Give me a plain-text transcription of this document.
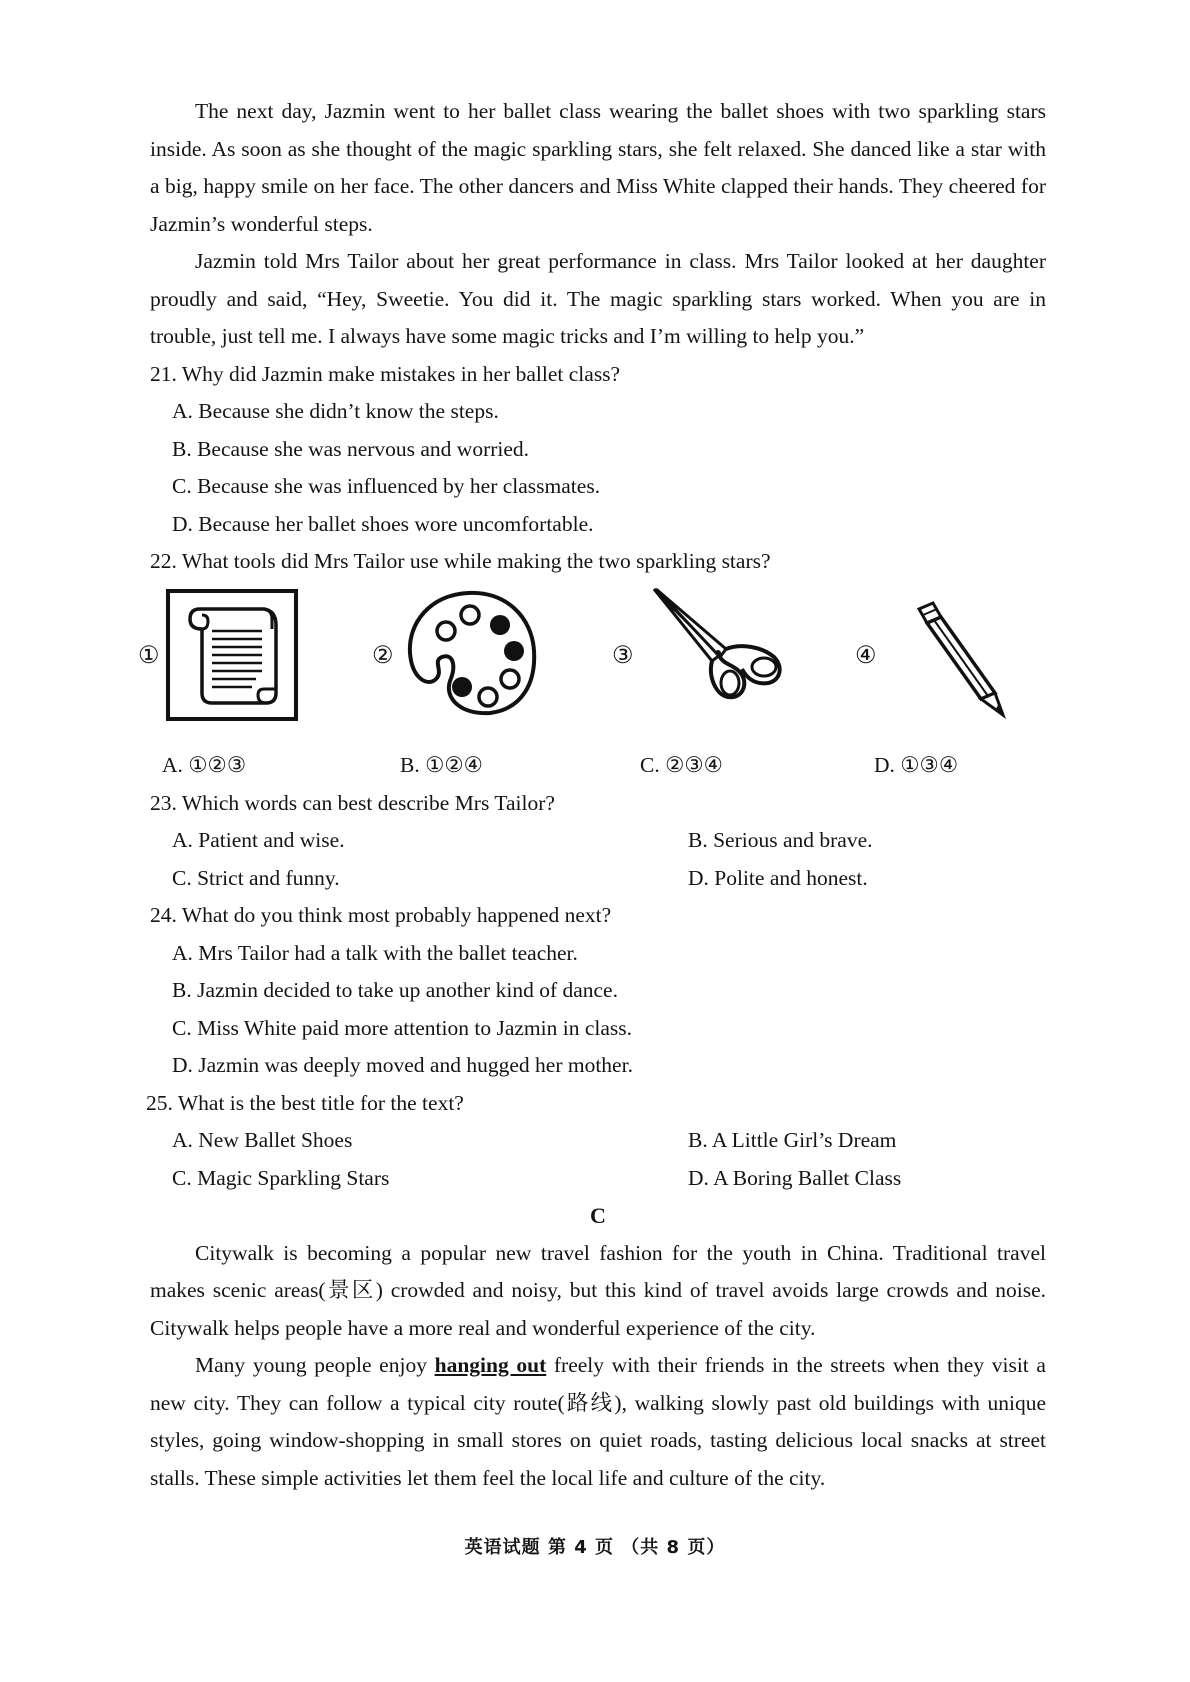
The next day, Jazmin went to her ballet class wearing the ballet shoes with two sparkling stars inside. As soon as she thought of the magic sparkling stars, she felt relaxed. She danced like a star with a big, happy smile on her face. The other dancers and Miss White clapped their hands. They cheered for Jazmin’s wonderful steps.

Jazmin told Mrs Tailor about her great performance in class. Mrs Tailor looked at her daughter proudly and said, “Hey, Sweetie. You did it. The magic sparkling stars worked. When you are in trouble, just tell me. I always have some magic tricks and I’m willing to help you.”

21. Why did Jazmin make mistakes in her ballet class?

A. Because she didn’t know the steps.

B. Because she was nervous and worried.

C. Because she was influenced by her classmates.

D. Because her ballet shoes wore uncomfortable.

22. What tools did Mrs Tailor use while making the two sparkling stars?

①	②	③	④
A. ①②③	B. ①②④	C. ②③④	D. ①③④

23. Which words can best describe Mrs Tailor?

A. Patient and wise.	B. Serious and brave.
C. Strict and funny.	D. Polite and honest.

24. What do you think most probably happened next?

A. Mrs Tailor had a talk with the ballet teacher.

B. Jazmin decided to take up another kind of dance.

C. Miss White paid more attention to Jazmin in class.

D. Jazmin was deeply moved and hugged her mother.

25. What is the best title for the text?

A. New Ballet Shoes	B. A Little Girl’s Dream
C. Magic Sparkling Stars	D. A Boring Ballet Class

C

Citywalk is becoming a popular new travel fashion for the youth in China. Traditional travel makes scenic areas(景区) crowded and noisy, but this kind of travel avoids large crowds and noise. Citywalk helps people have a more real and wonderful experience of the city.

Many young people enjoy hanging out freely with their friends in the streets when they visit a new city. They can follow a typical city route(路线), walking slowly past old buildings with unique styles, going window-shopping in small stores on quiet roads, tasting delicious local snacks at street stalls. These simple activities let them feel the local life and culture of the city.

英语试题 第 4 页 （共 8 页）
